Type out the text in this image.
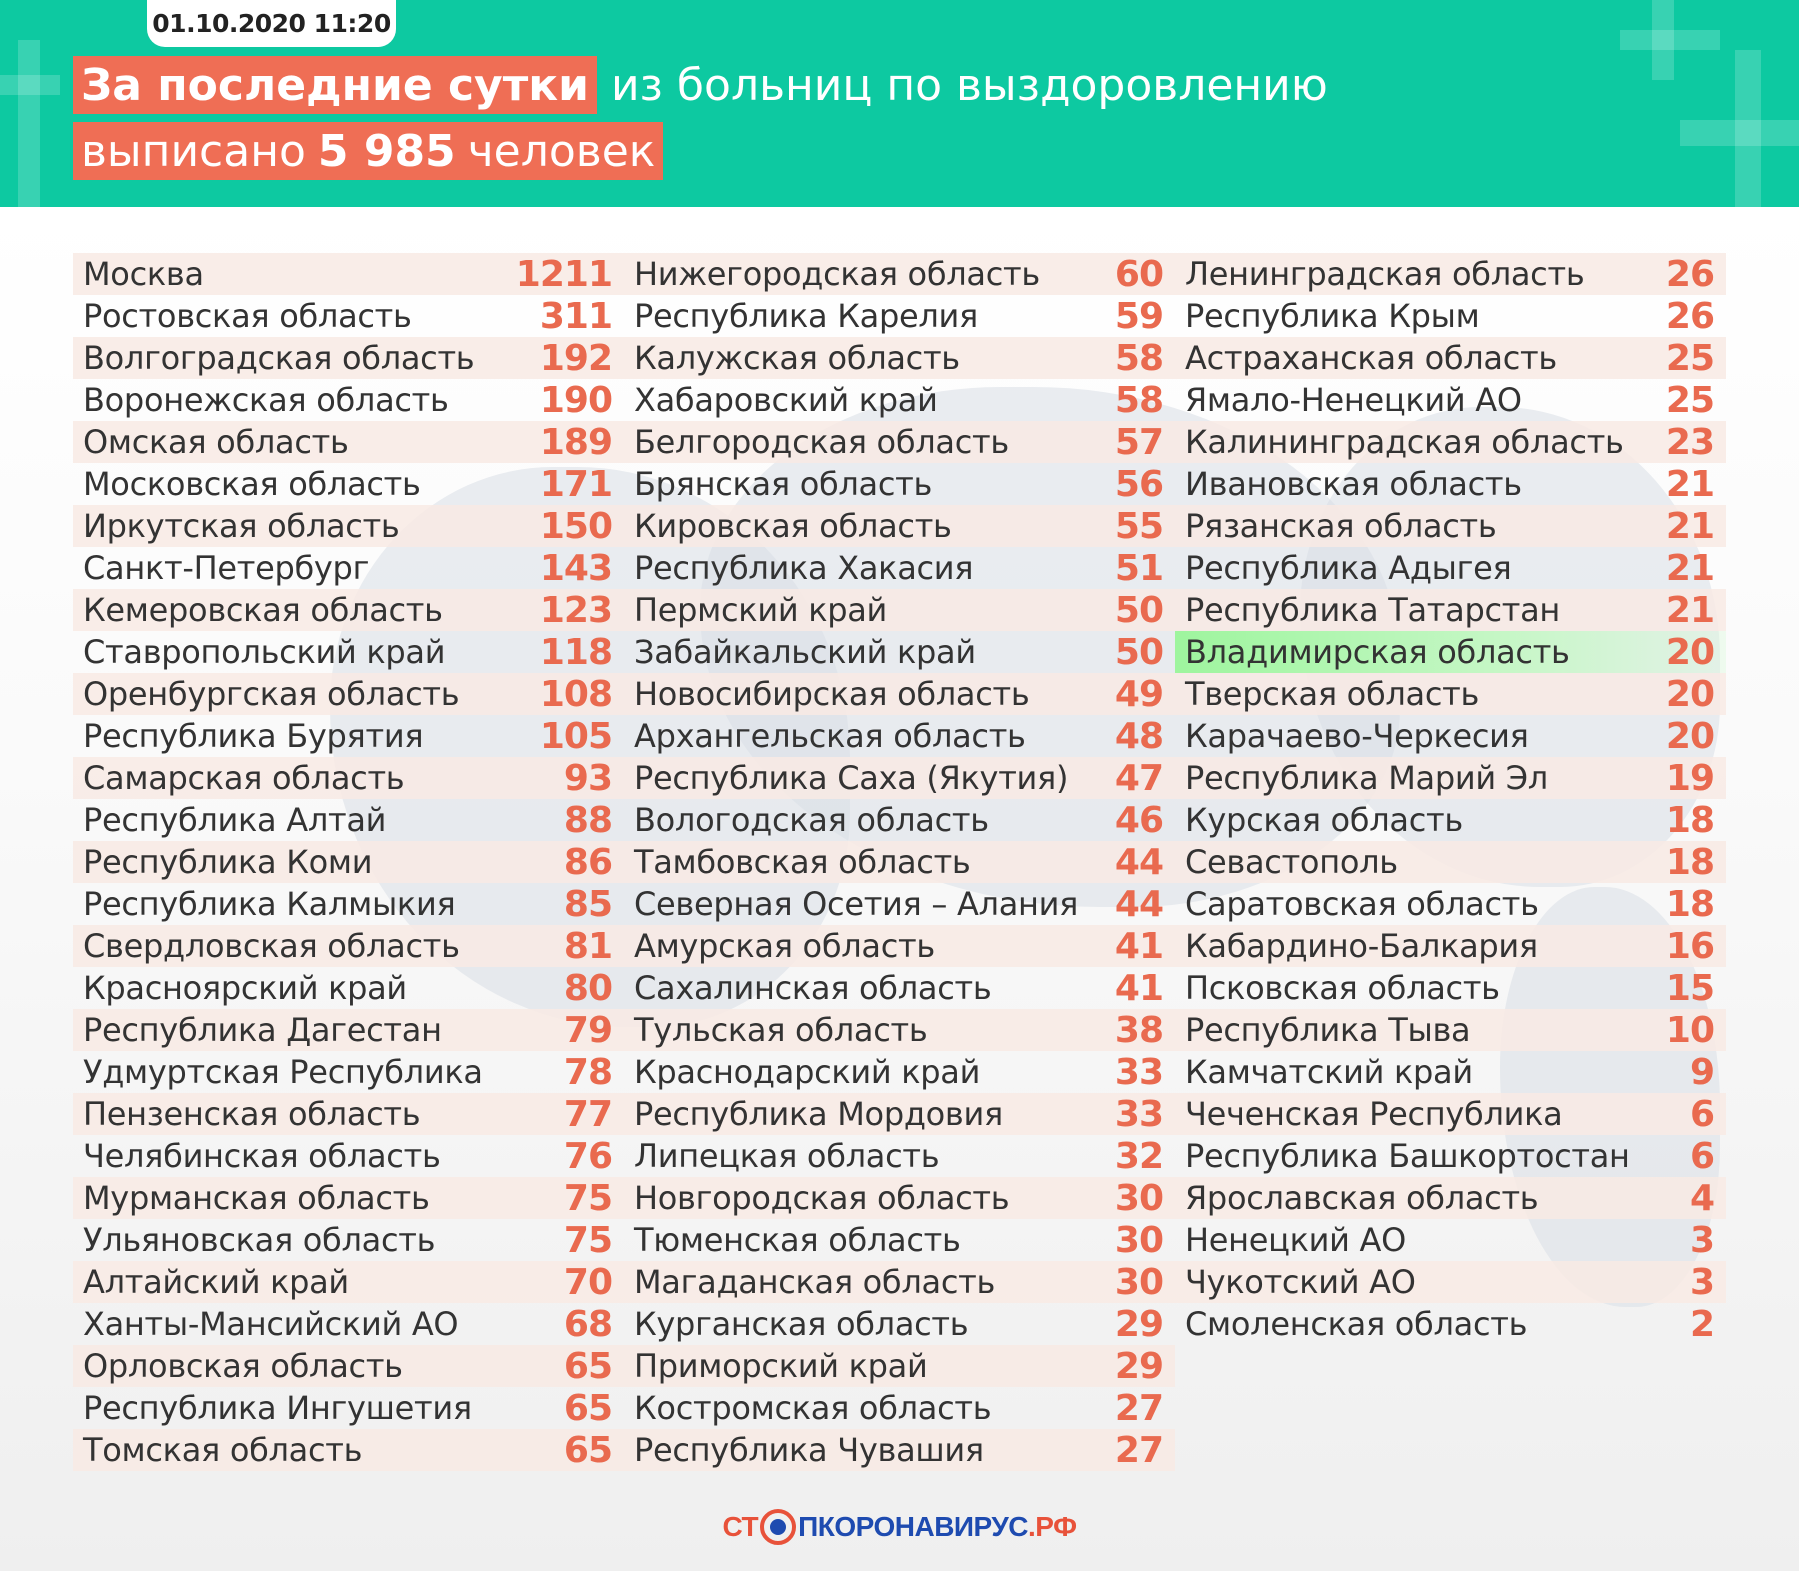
01.10.2020 11:20
За последние сутки из больниц по выздоровлению
выписано 5 985 человек
Москва	1211
Ростовская область	311
Волгоградская область 192
Воронежская область	190
Омская область	189
Московская область	171
Иркутская область	150
Санкт-Петербург	143
Кемеровская область	123
Ставропольский край	118
Оренбургская область 108
Республика Бурятия	105
Самарская область	93
Республика Алтай	88
Республика Коми	86
Республика Калмыкия	85
Свердловская область	81
Красноярский край	80
Республика Дагестан	79
Удмуртская Республика 78
Пензенская область	77
Челябинская область	76
Мурманская область	75
Ульяновская область	75
Алтайский край	70
Ханты-Мансийский АО	68
Орловская область	65
Республика Ингушетия	65
Томская область	65
Нижегородская область 60
Республика Карелия	59
Калужская область	58
Хабаровский край	58
Белгородская область	57
Брянская область	56
Кировская область	55
Республика Хакасия	51
Пермский край	50
Забайкальский край	50
Новосибирская область 49
Архангельская область 48
Республика Саха (Якутия) 47
Вологодская область	46
Тамбовская область	44
Северная Осетия – Алания 44
Амурская область	41
Сахалинская область	41
Тульская область	38
Краснодарский край	33
Республика Мордовия	33
Липецкая область	32
Новгородская область	30
Тюменская область	30
Магаданская область	30
Курганская область	29
Приморский край	29
Костромская область	27
Республика Чувашия	27
Ленинградская область 26
Республика Крым	26
Астраханская область	25
Ямало-Ненецкий АО	25
Калининградская область 23
Ивановская область	21
Рязанская область	21
Республика Адыгея	21
Республика Татарстан	21
Владимирская область	20
Тверская область	20
Карачаево-Черкесия	20
Республика Марий Эл	19
Курская область	18
Севастополь	18
Саратовская область	18
Кабардино-Балкария	16
Псковская область	15
Республика Тыва	10
Камчатский край	9
Чеченская Республика	6
Республика Башкортостан 6
Ярославская область	4
Ненецкий АО	3
Чукотский АО	3
Смоленская область	2
СТ ПКОРОНАВИРУС .РФ
